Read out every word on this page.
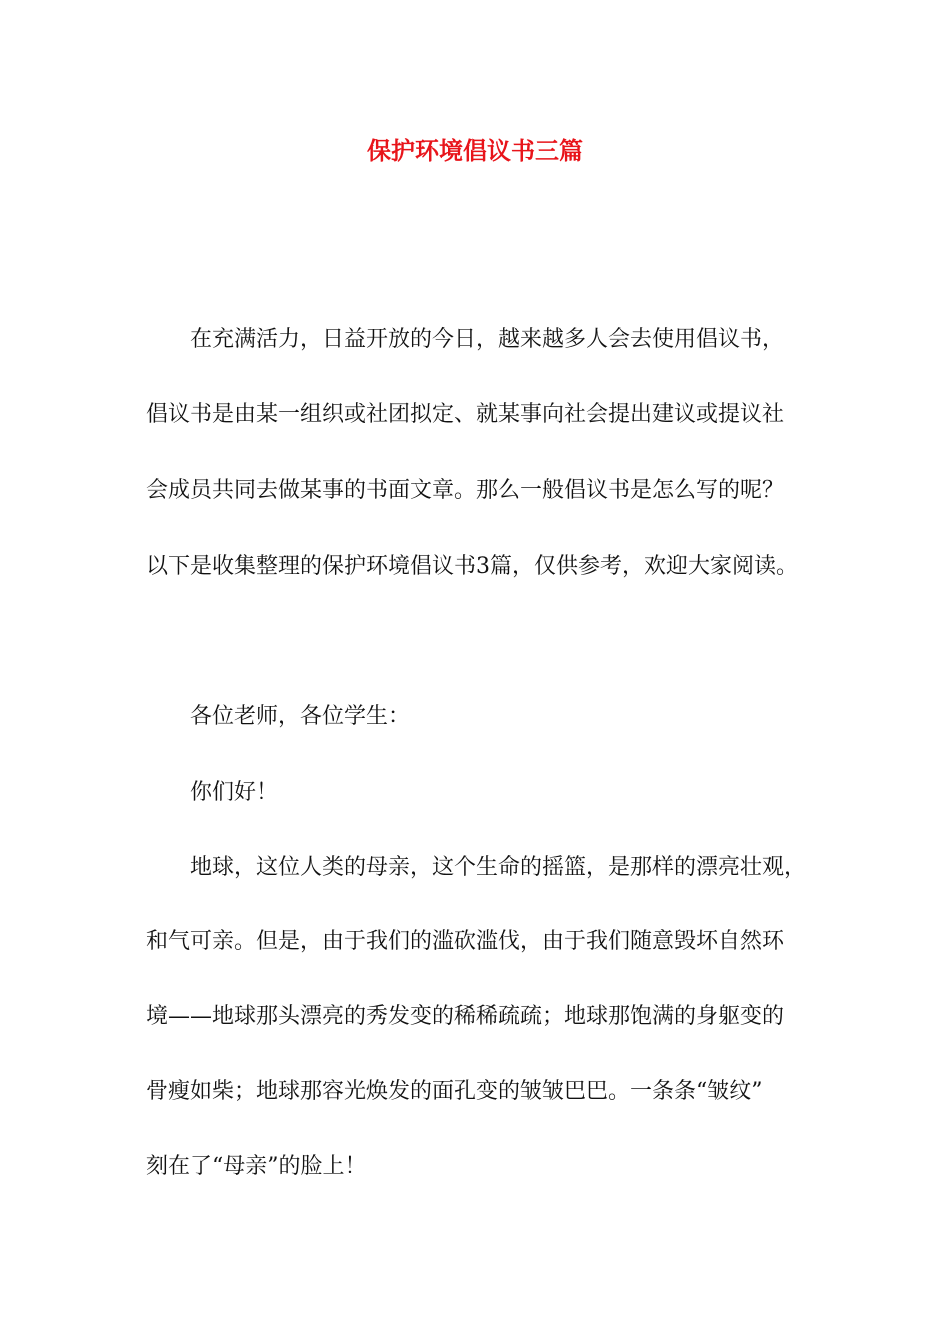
保护环境倡议书三篇

在充满活力，日益开放的今日，越来越多人会去使用倡议书，

倡议书是由某一组织或社团拟定、就某事向社会提出建议或提议社

会成员共同去做某事的书面文章。那么一般倡议书是怎么写的呢？

以下是收集整理的保护环境倡议书3篇，仅供参考，欢迎大家阅读。

各位老师，各位学生：

你们好！

地球，这位人类的母亲，这个生命的摇篮，是那样的漂亮壮观，

和气可亲。但是，由于我们的滥砍滥伐，由于我们随意毁坏自然环

境——地球那头漂亮的秀发变的稀稀疏疏；地球那饱满的身躯变的

骨瘦如柴；地球那容光焕发的面孔变的皱皱巴巴。一条条“皱纹”

刻在了“母亲”的脸上！
